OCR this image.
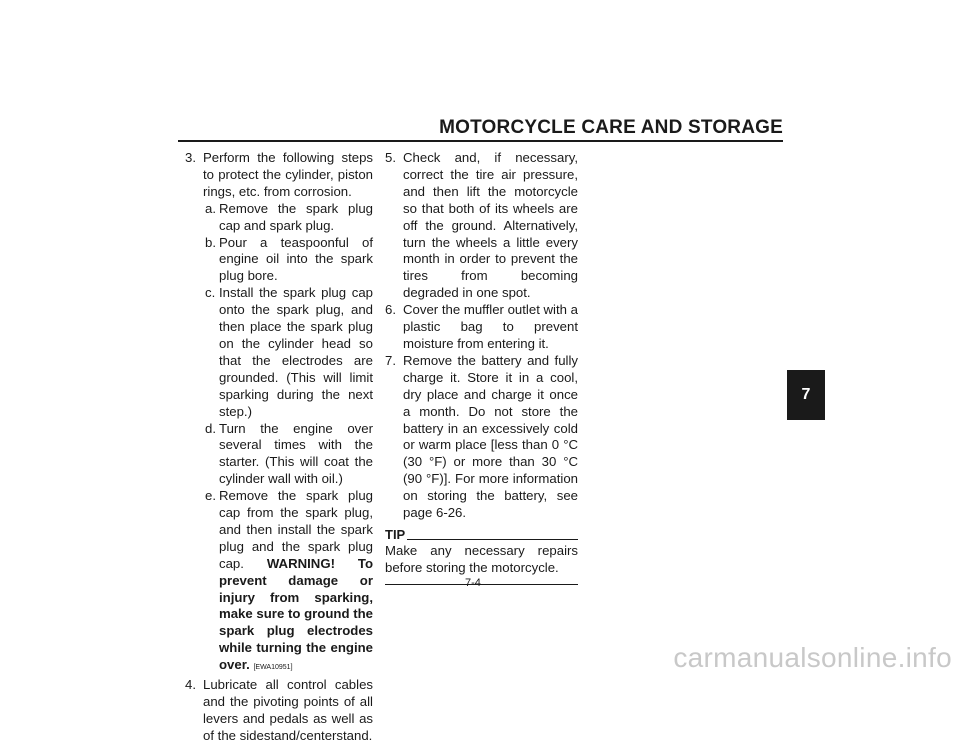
MOTORCYCLE CARE AND STORAGE
3. Perform the following steps to protect the cylinder, piston rings, etc. from corrosion.
a. Remove the spark plug cap and spark plug.
b. Pour a teaspoonful of engine oil into the spark plug bore.
c. Install the spark plug cap onto the spark plug, and then place the spark plug on the cylinder head so that the electrodes are grounded. (This will limit sparking during the next step.)
d. Turn the engine over several times with the starter. (This will coat the cylinder wall with oil.)
e. Remove the spark plug cap from the spark plug, and then install the spark plug and the spark plug cap. WARNING! To prevent damage or injury from sparking, make sure to ground the spark plug electrodes while turning the engine over. [EWA10951]
4. Lubricate all control cables and the pivoting points of all levers and pedals as well as of the sidestand/centerstand.
5. Check and, if necessary, correct the tire air pressure, and then lift the motorcycle so that both of its wheels are off the ground. Alternatively, turn the wheels a little every month in order to prevent the tires from becoming degraded in one spot.
6. Cover the muffler outlet with a plastic bag to prevent moisture from entering it.
7. Remove the battery and fully charge it. Store it in a cool, dry place and charge it once a month. Do not store the battery in an excessively cold or warm place [less than 0 °C (30 °F) or more than 30 °C (90 °F)]. For more information on storing the battery, see page 6-26.
TIP
Make any necessary repairs before storing the motorcycle.
7-4
7
carmanualsonline.info
